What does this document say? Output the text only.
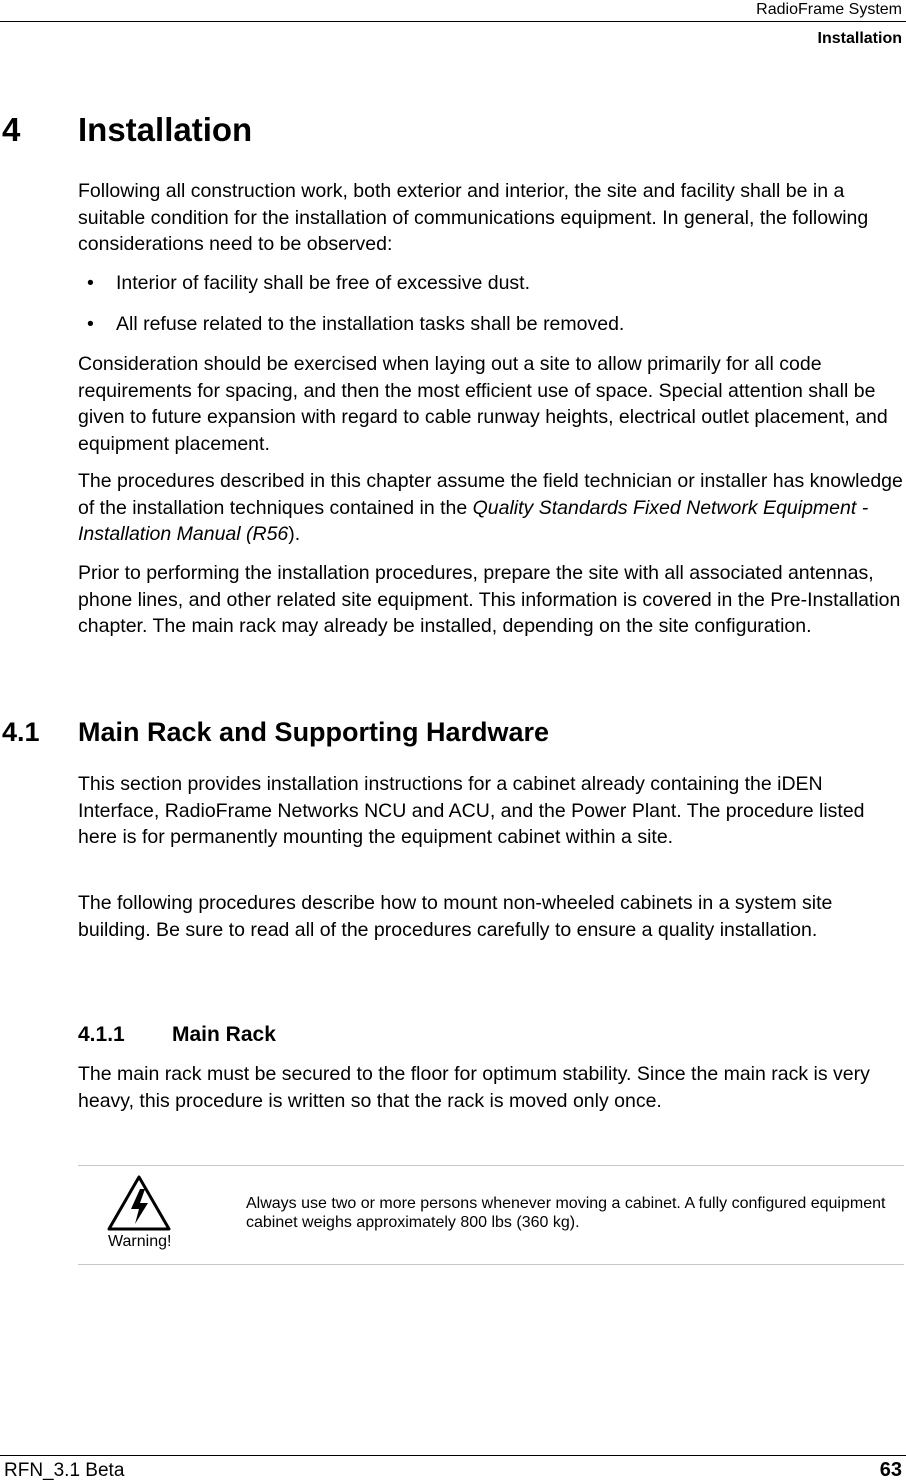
RadioFrame System
Installation
4 Installation

Following all construction work, both exterior and interior, the site and facility shall be in a suitable condition for the installation of communications equipment. In general, the following considerations need to be observed:

• Interior of facility shall be free of excessive dust.
• All refuse related to the installation tasks shall be removed.

Consideration should be exercised when laying out a site to allow primarily for all code requirements for spacing, and then the most efficient use of space. Special attention shall be given to future expansion with regard to cable runway heights, electrical outlet placement, and equipment placement.

The procedures described in this chapter assume the field technician or installer has knowledge of the installation techniques contained in the Quality Standards Fixed Network Equipment - Installation Manual (R56).

Prior to performing the installation procedures, prepare the site with all associated antennas, phone lines, and other related site equipment. This information is covered in the Pre-Installation chapter. The main rack may already be installed, depending on the site configuration.

4.1 Main Rack and Supporting Hardware

This section provides installation instructions for a cabinet already containing the iDEN Interface, RadioFrame Networks NCU and ACU, and the Power Plant. The procedure listed here is for permanently mounting the equipment cabinet within a site.

The following procedures describe how to mount non-wheeled cabinets in a system site building. Be sure to read all of the procedures carefully to ensure a quality installation.

4.1.1 Main Rack

The main rack must be secured to the floor for optimum stability. Since the main rack is very heavy, this procedure is written so that the rack is moved only once.

Warning!
Always use two or more persons whenever moving a cabinet. A fully configured equipment cabinet weighs approximately 800 lbs (360 kg).
RFN_3.1 Beta	63
